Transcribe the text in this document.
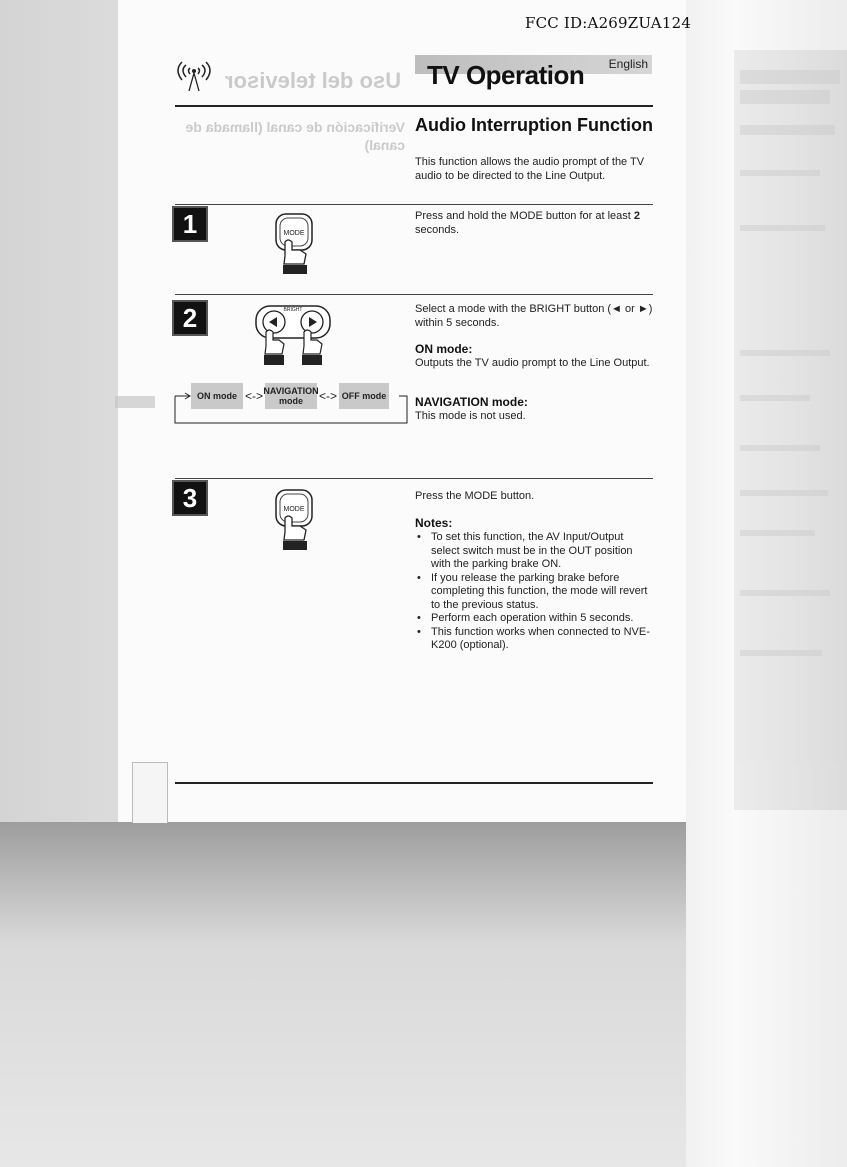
Uso del televisor
Verificación de canal (llamada de canal)
FCC ID:A269ZUA124
English
TV Operation
Audio Interruption Function
This function allows the audio prompt of the TV audio to be directed to the Line Output.
1	Press and hold the MODE button for at least 2 seconds.
MODE
2	Select a mode with the BRIGHT button (◄ or ►) within 5 seconds.
ON mode:
Outputs the TV audio prompt to the Line Output.
NAVIGATION mode:
This mode is not used.
BRIGHT
ON mode <-> NAVIGATION
mode <-> OFF mode
3	Press the MODE button.
MODE
Notes:
• To set this function, the AV Input/Output select switch must be in the OUT position with the parking brake ON.
• If you release the parking brake before completing this function, the mode will revert to the previous status.
• Perform each operation within 5 seconds.
• This function works when connected to NVE-K200 (optional).
